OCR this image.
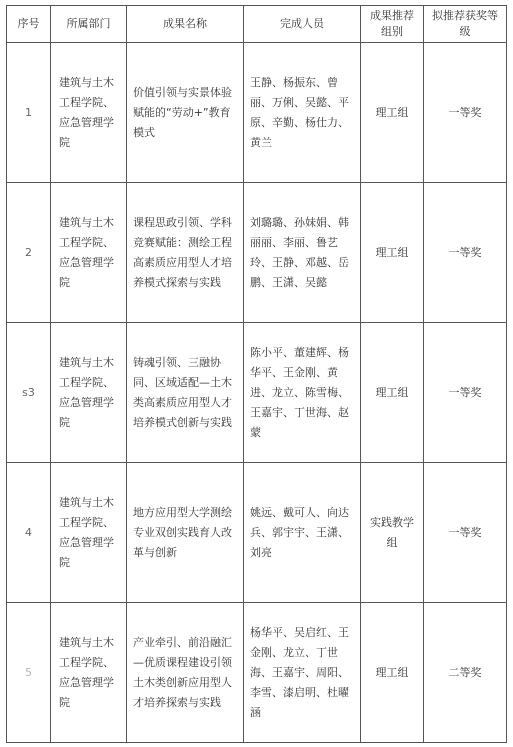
序号	所属部门	成果名称	完成人员	成果推荐组别	拟推荐获奖等级
1	建筑与土木工程学院、应急管理学院	价值引领与实景体验赋能的“劳动+”教育模式	王静、杨振东、曾丽、万俐、吴懿、平原、辛勤、杨仕力、黄兰	理工组	一等奖
2	建筑与土木工程学院、应急管理学院	课程思政引领、学科竞赛赋能：测绘工程高素质应用型人才培养模式探索与实践	刘璐璐、孙妹娟、韩丽丽、李丽、鲁艺玲、王静、邓越、岳鹏、王潇、吴懿	理工组	一等奖
s3	建筑与土木工程学院、应急管理学院	铸魂引领、三融协同、区域适配—土木类高素质应用型人才培养模式创新与实践	陈小平、董建辉、杨华平、王金刚、黄进、龙立、陈雪梅、王嘉宇、丁世海、赵蒙	理工组	一等奖
4	建筑与土木工程学院、应急管理学院	地方应用型大学测绘专业双创实践育人改革与创新	姚远、戴可人、向达兵、郭宇宇、王潇、刘亮	实践教学组	一等奖
5	建筑与土木工程学院、应急管理学院	产业牵引、前沿融汇—优质课程建设引领土木类创新应用型人才培养探索与实践	杨华平、吴启红、王金刚、龙立、丁世海、王嘉宇、周阳、李雪、漆启明、杜曜涵	理工组	二等奖
